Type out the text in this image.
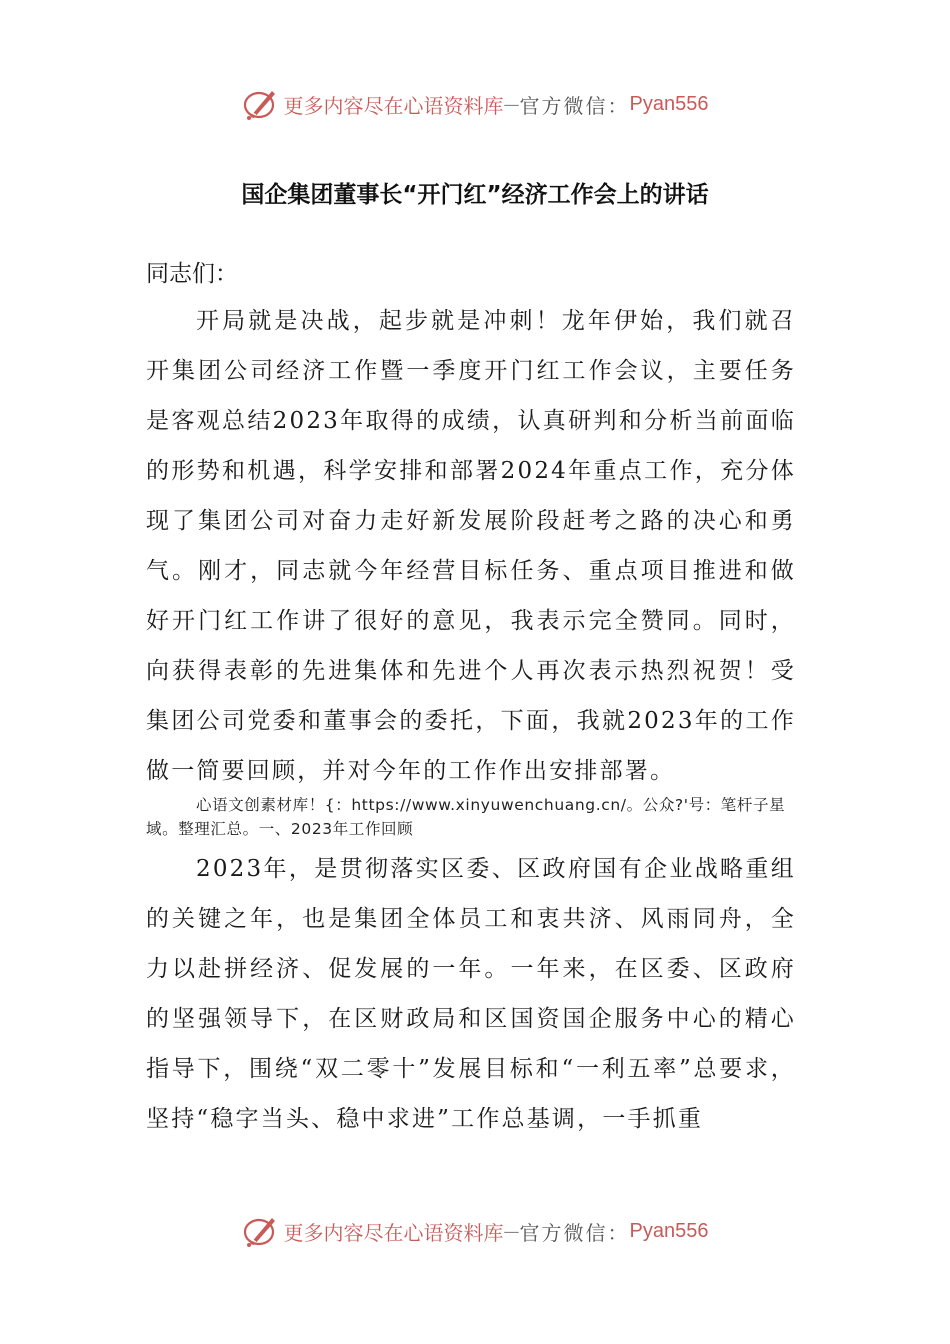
更多内容尽在心语资料库 — 官方微信： Pyan556
国企集团董事长“开门红”经济工作会上的讲话
同志们：

开局就是决战，起步就是冲刺！龙年伊始，我们就召开集团公司经济工作暨一季度开门红工作会议，主要任务是客观总结2023年取得的成绩，认真研判和分析当前面临的形势和机遇，科学安排和部署2024年重点工作，充分体现了集团公司对奋力走好新发展阶段赶考之路的决心和勇气。刚才，同志就今年经营目标任务、重点项目推进和做好开门红工作讲了很好的意见，我表示完全赞同。同时，向获得表彰的先进集体和先进个人再次表示热烈祝贺！受集团公司党委和董事会的委托，下面，我就2023年的工作做一简要回顾，并对今年的工作作出安排部署。

心语文创素材库！{：https://www.xinyuwenchuang.cn/。公众?'号：笔杆子星域。整理汇总。一、2023年工作回顾

2023年，是贯彻落实区委、区政府国有企业战略重组的关键之年，也是集团全体员工和衷共济、风雨同舟，全力以赴拼经济、促发展的一年。一年来，在区委、区政府的坚强领导下，在区财政局和区国资国企服务中心的精心指导下，围绕“双二零十”发展目标和“一利五率”总要求，坚持“稳字当头、稳中求进”工作总基调，一手抓重

更多内容尽在心语资料库 — 官方微信： Pyan556
